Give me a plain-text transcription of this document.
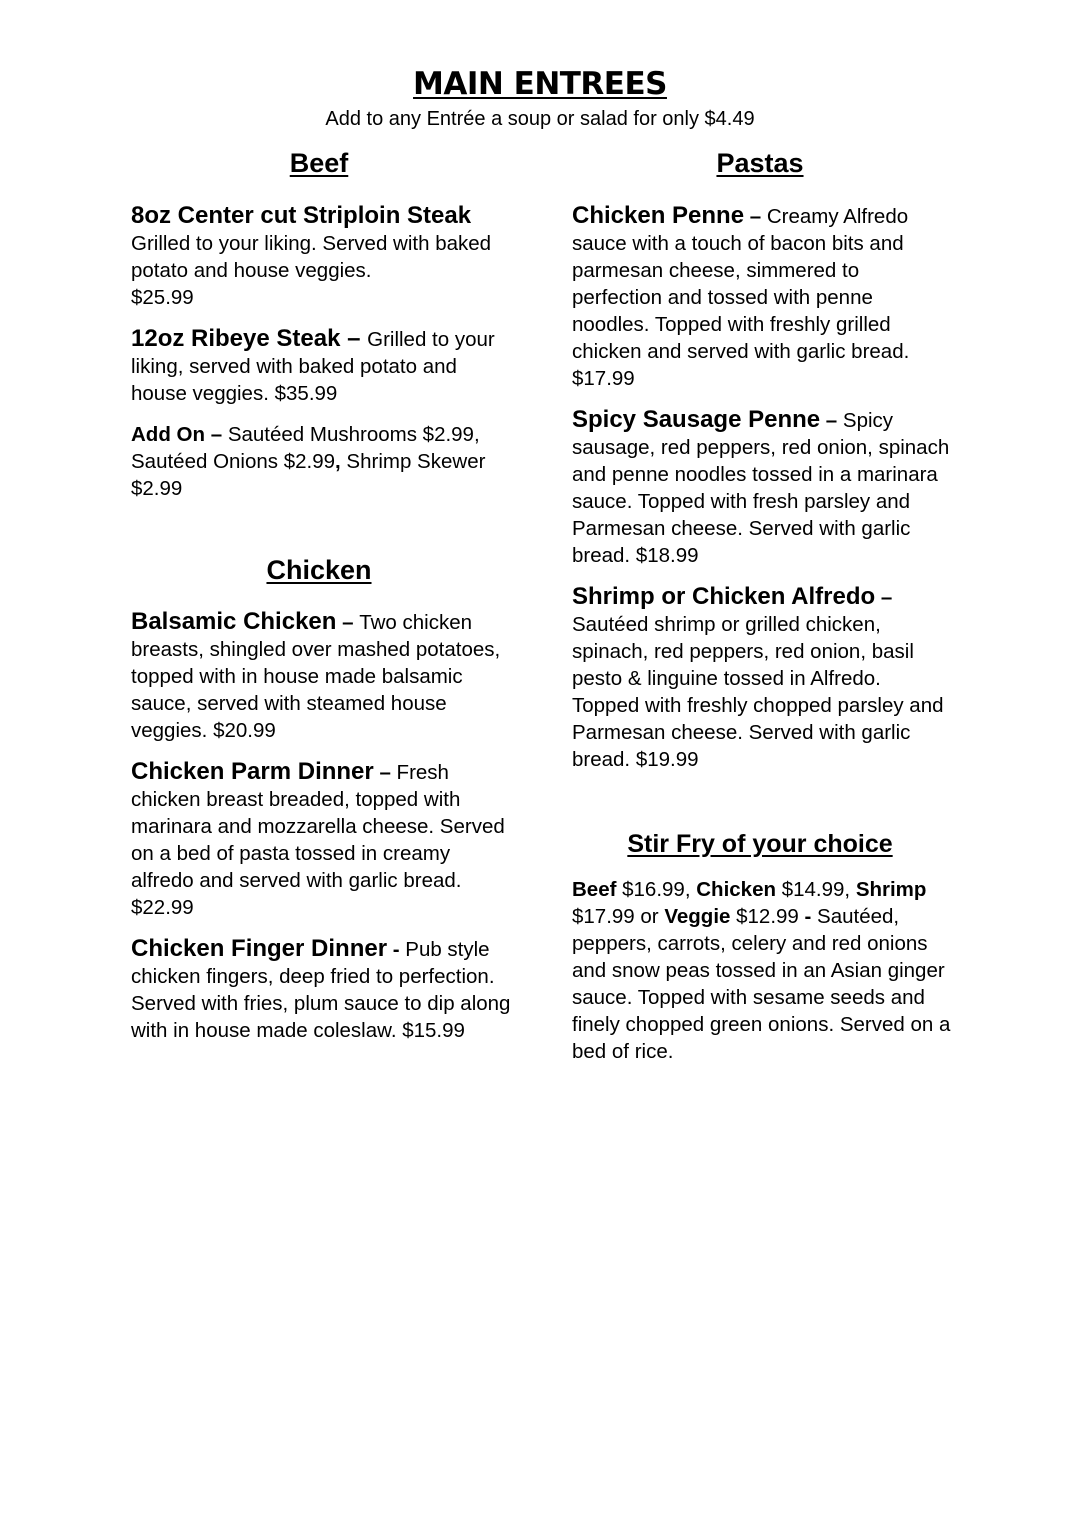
MAIN ENTREES
Add to any Entrée a soup or salad for only $4.49
Beef
8oz Center cut Striploin Steak
Grilled to your liking. Served with baked potato and house veggies.
$25.99
12oz Ribeye Steak – Grilled to your liking, served with baked potato and house veggies. $35.99
Add On – Sautéed Mushrooms $2.99, Sautéed Onions $2.99, Shrimp Skewer $2.99
Chicken
Balsamic Chicken – Two chicken breasts, shingled over mashed potatoes, topped with in house made balsamic sauce, served with steamed house veggies. $20.99
Chicken Parm Dinner – Fresh chicken breast breaded, topped with marinara and mozzarella cheese. Served on a bed of pasta tossed in creamy alfredo and served with garlic bread. $22.99
Chicken Finger Dinner - Pub style chicken fingers, deep fried to perfection. Served with fries, plum sauce to dip along with in house made coleslaw. $15.99
Pastas
Chicken Penne – Creamy Alfredo sauce with a touch of bacon bits and parmesan cheese, simmered to perfection and tossed with penne noodles. Topped with freshly grilled chicken and served with garlic bread. $17.99
Spicy Sausage Penne – Spicy sausage, red peppers, red onion, spinach and penne noodles tossed in a marinara sauce. Topped with fresh parsley and Parmesan cheese. Served with garlic bread. $18.99
Shrimp or Chicken Alfredo – Sautéed shrimp or grilled chicken, spinach, red peppers, red onion, basil pesto & linguine tossed in Alfredo. Topped with freshly chopped parsley and Parmesan cheese. Served with garlic bread. $19.99
Stir Fry of your choice
Beef $16.99, Chicken $14.99, Shrimp $17.99 or Veggie $12.99 - Sautéed, peppers, carrots, celery and red onions and snow peas tossed in an Asian ginger sauce. Topped with sesame seeds and finely chopped green onions. Served on a bed of rice.
